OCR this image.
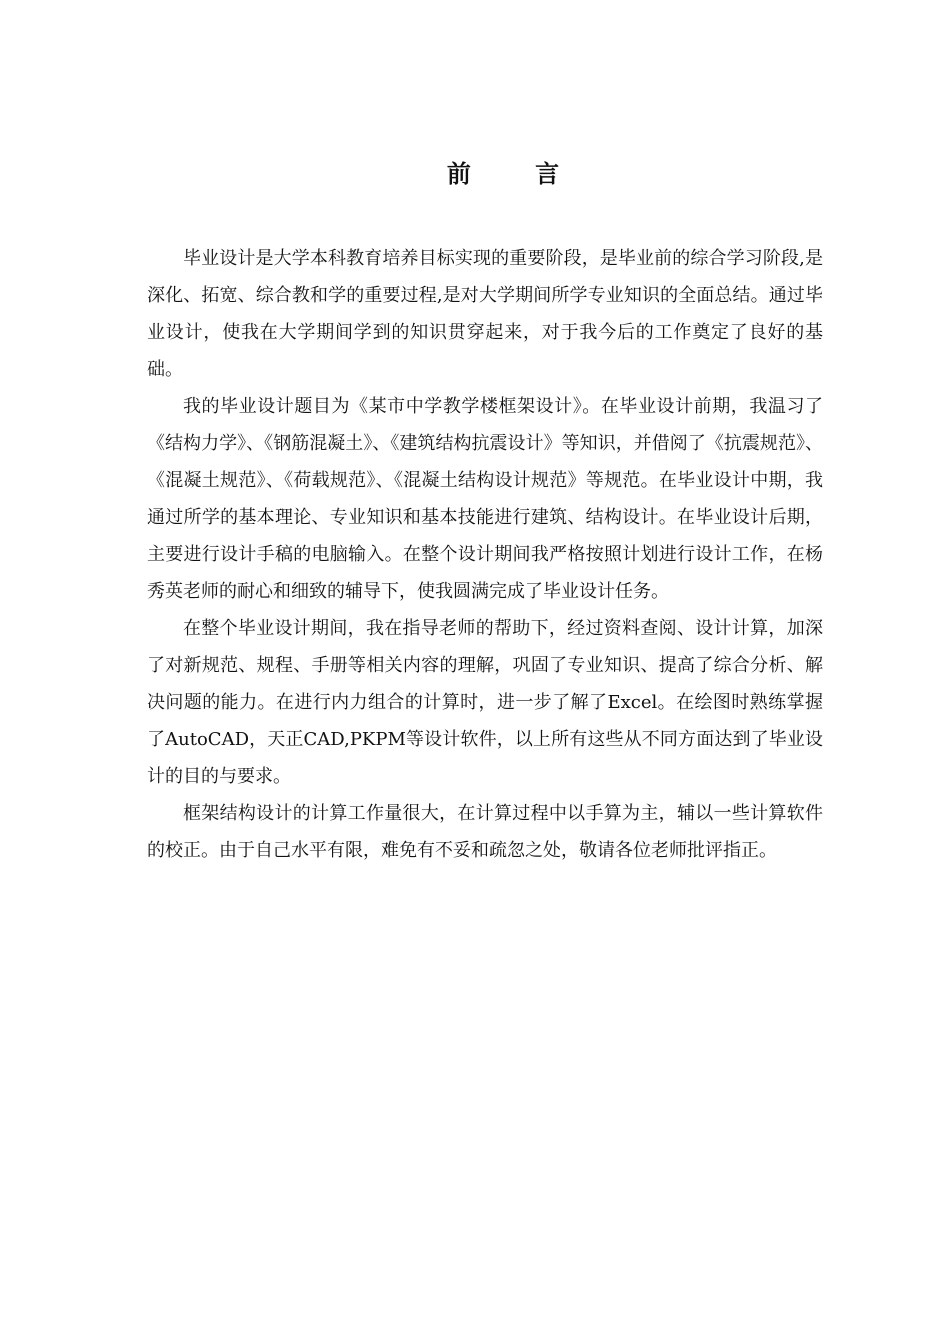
前 言

毕业设计是大学本科教育培养目标实现的重要阶段，是毕业前的综合学习阶段,是深化、拓宽、综合教和学的重要过程,是对大学期间所学专业知识的全面总结。通过毕业设计，使我在大学期间学到的知识贯穿起来，对于我今后的工作奠定了良好的基础。

我的毕业设计题目为《某市中学教学楼框架设计》。在毕业设计前期，我温习了《结构力学》、《钢筋混凝土》、《建筑结构抗震设计》等知识，并借阅了《抗震规范》、《混凝土规范》、《荷载规范》、《混凝土结构设计规范》等规范。在毕业设计中期，我通过所学的基本理论、专业知识和基本技能进行建筑、结构设计。在毕业设计后期，主要进行设计手稿的电脑输入。在整个设计期间我严格按照计划进行设计工作，在杨秀英老师的耐心和细致的辅导下，使我圆满完成了毕业设计任务。

在整个毕业设计期间，我在指导老师的帮助下，经过资料查阅、设计计算，加深了对新规范、规程、手册等相关内容的理解，巩固了专业知识、提高了综合分析、解决问题的能力。在进行内力组合的计算时，进一步了解了Excel。在绘图时熟练掌握了AutoCAD，天正CAD,PKPM等设计软件，以上所有这些从不同方面达到了毕业设计的目的与要求。

框架结构设计的计算工作量很大，在计算过程中以手算为主，辅以一些计算软件的校正。由于自己水平有限，难免有不妥和疏忽之处，敬请各位老师批评指正。
